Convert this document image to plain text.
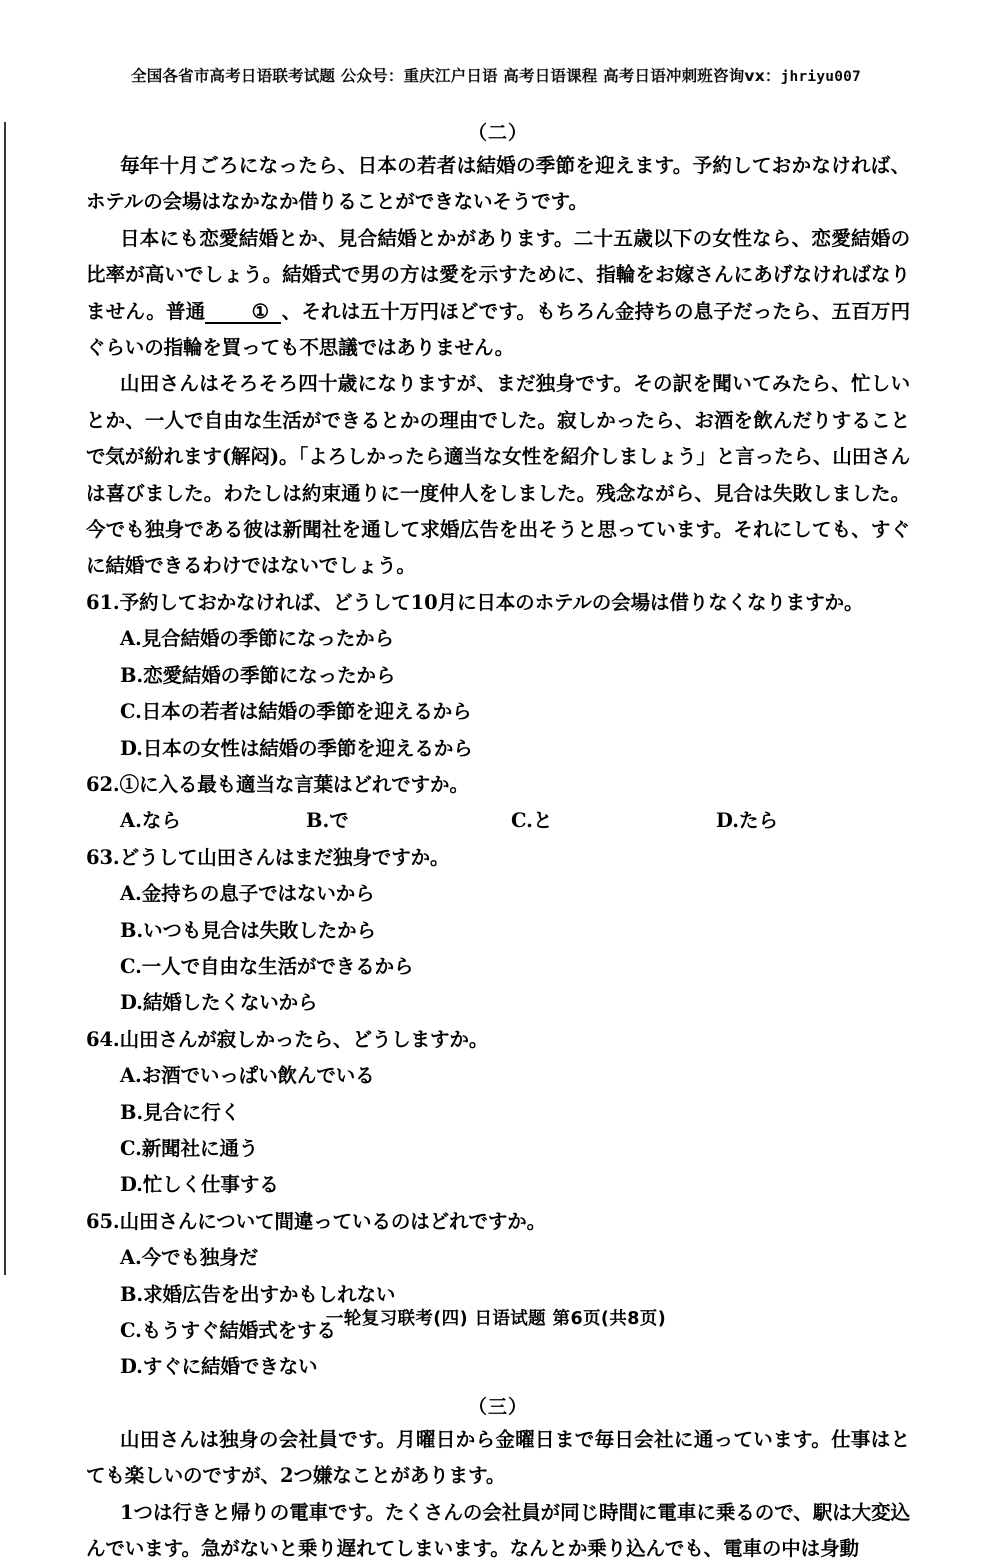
全国各省市高考日语联考试题 公众号：重庆江户日语 高考日语课程 高考日语冲刺班咨询vx：jhriyu007
（二）

毎年十月ごろになったら、日本の若者は結婚の季節を迎えます。予約しておかなければ、ホテルの会場はなかなか借りることができないそうです。

日本にも恋愛結婚とか、見合結婚とかがあります。二十五歳以下の女性なら、恋愛結婚の比率が高いでしょう。結婚式で男の方は愛を示すために、指輪をお嫁さんにあげなければなりません。普通 ① 、それは五十万円ほどです。もちろん金持ちの息子だったら、五百万円ぐらいの指輪を買っても不思議ではありません。

山田さんはそろそろ四十歳になりますが、まだ独身です。その訳を聞いてみたら、忙しいとか、一人で自由な生活ができるとかの理由でした。寂しかったら、お酒を飲んだりすることで気が紛れます(解闷)。「よろしかったら適当な女性を紹介しましょう」と言ったら、山田さんは喜びました。わたしは約束通りに一度仲人をしました。残念ながら、見合は失敗しました。今でも独身である彼は新聞社を通して求婚広告を出そうと思っています。それにしても、すぐに結婚できるわけではないでしょう。

61.予約しておかなければ、どうして10月に日本のホテルの会場は借りなくなりますか。

A.見合結婚の季節になったから

B.恋愛結婚の季節になったから

C.日本の若者は結婚の季節を迎えるから

D.日本の女性は結婚の季節を迎えるから

62.①に入る最も適当な言葉はどれですか。

A.なら	B.で	C.と	D.たら

63.どうして山田さんはまだ独身ですか。

A.金持ちの息子ではないから

B.いつも見合は失敗したから

C.一人で自由な生活ができるから

D.結婚したくないから

64.山田さんが寂しかったら、どうしますか。

A.お酒でいっぱい飲んでいる

B.見合に行く

C.新聞社に通う

D.忙しく仕事する

65.山田さんについて間違っているのはどれですか。

A.今でも独身だ

B.求婚広告を出すかもしれない

C.もうすぐ結婚式をする

D.すぐに結婚できない

（三）

山田さんは独身の会社員です。月曜日から金曜日まで毎日会社に通っています。仕事はとても楽しいのですが、2つ嫌なことがあります。

1つは行きと帰りの電車です。たくさんの会社員が同じ時間に電車に乗るので、駅は大変込んでいます。急がないと乗り遅れてしまいます。なんとか乗り込んでも、電車の中は身動

一轮复习联考(四) 日语试题 第6页(共8页)
